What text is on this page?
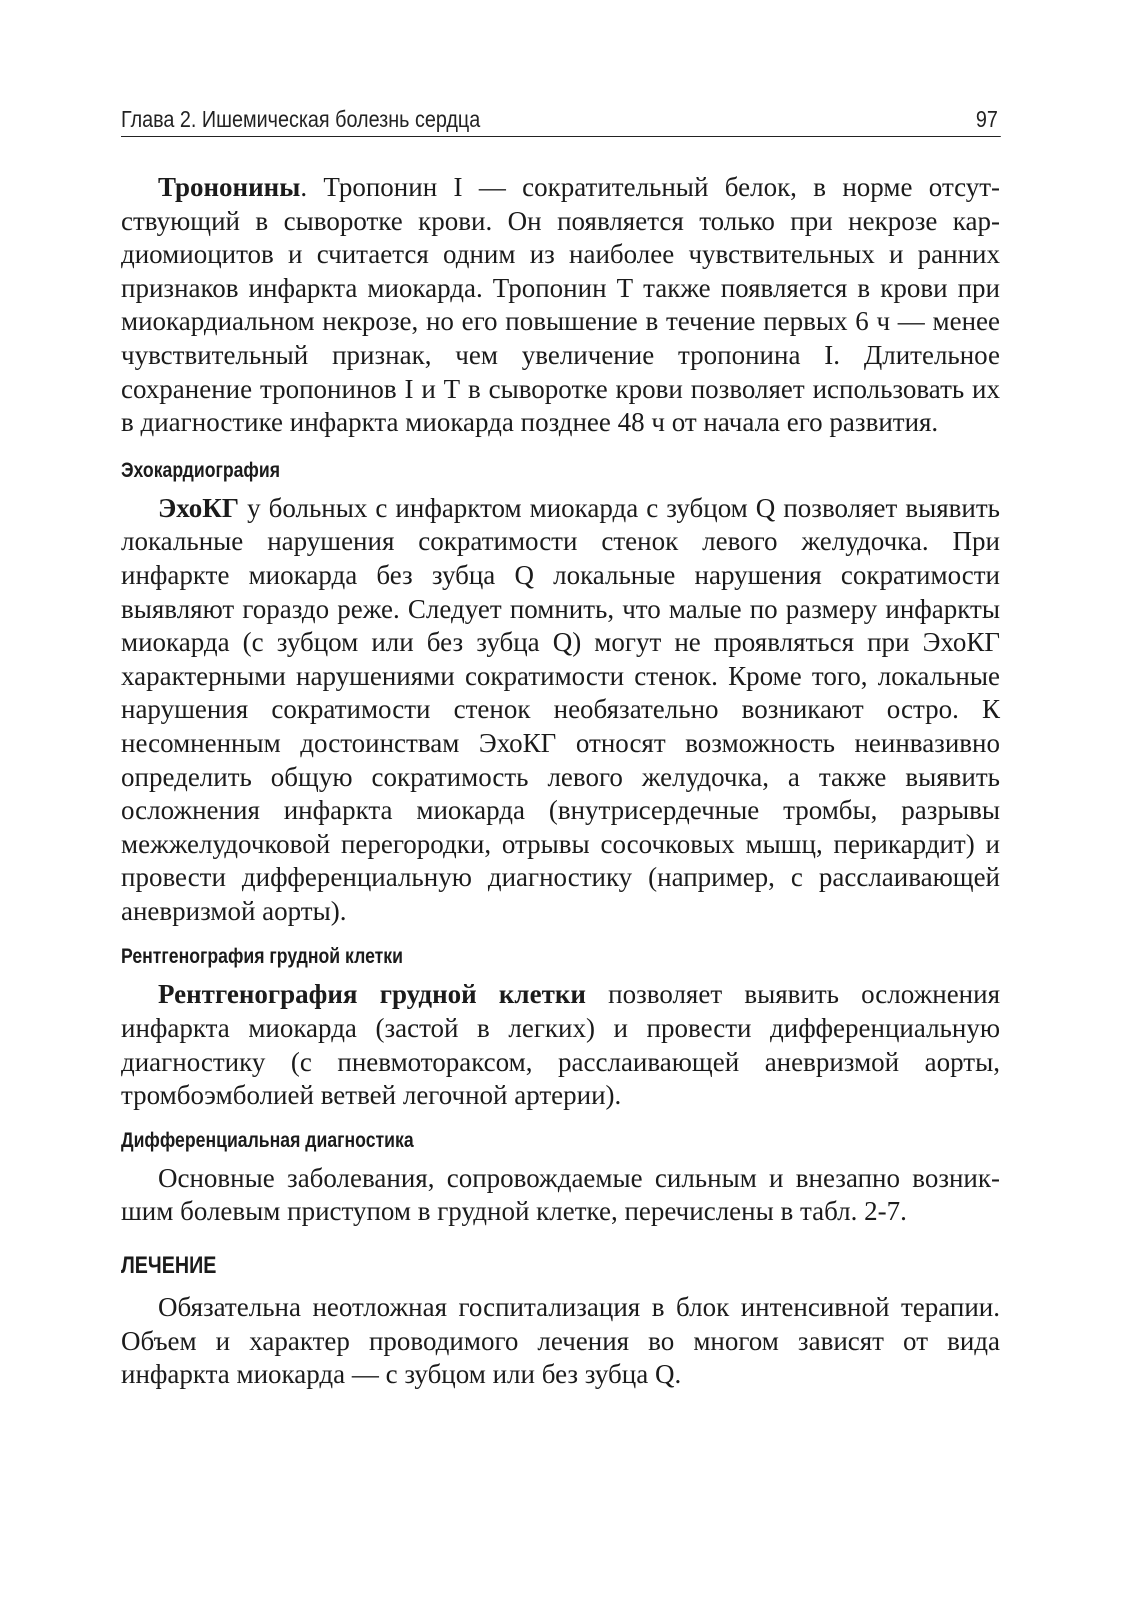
Глава 2. Ишемическая болезнь сердца	97

Трононины. Тропонин I — сократительный белок, в норме отсутствующий в сыворотке крови. Он появляется только при некрозе кардиомиоцитов и считается одним из наиболее чувствительных и ранних признаков инфаркта миокарда. Тропонин Т также появляется в крови при миокардиальном некрозе, но его повышение в течение первых 6 ч — менее чувствительный признак, чем увеличение тропонина I. Длительное сохранение тропонинов I и Т в сыворотке крови позволяет использовать их в диагностике инфаркта миокарда позднее 48 ч от начала его развития.

Эхокардиография

ЭхоКГ у больных с инфарктом миокарда с зубцом Q позволяет выявить локальные нарушения сократимости стенок левого желудочка. При инфаркте миокарда без зубца Q локальные нарушения сократимости выявляют гораздо реже. Следует помнить, что малые по размеру инфаркты миокарда (с зубцом или без зубца Q) могут не проявляться при ЭхоКГ характерными нарушениями сократимости стенок. Кроме того, локальные нарушения сократимости стенок необязательно возникают остро. К несомненным достоинствам ЭхоКГ относят возможность неинвазивно определить общую сократимость левого желудочка, а также выявить осложнения инфаркта миокарда (внутрисердечные тромбы, разрывы межжелудочковой перегородки, отрывы сосочковых мышц, перикардит) и провести дифференциальную диагностику (например, с расслаивающей аневризмой аорты).

Рентгенография грудной клетки

Рентгенография грудной клетки позволяет выявить осложнения инфаркта миокарда (застой в легких) и провести дифференциальную диагностику (с пневмотораксом, расслаивающей аневризмой аорты, тромбоэмболией ветвей легочной артерии).

Дифференциальная диагностика

Основные заболевания, сопровождаемые сильным и внезапно возникшим болевым приступом в грудной клетке, перечислены в табл. 2-7.

ЛЕЧЕНИЕ

Обязательна неотложная госпитализация в блок интенсивной терапии. Объем и характер проводимого лечения во многом зависят от вида инфаркта миокарда — с зубцом или без зубца Q.
